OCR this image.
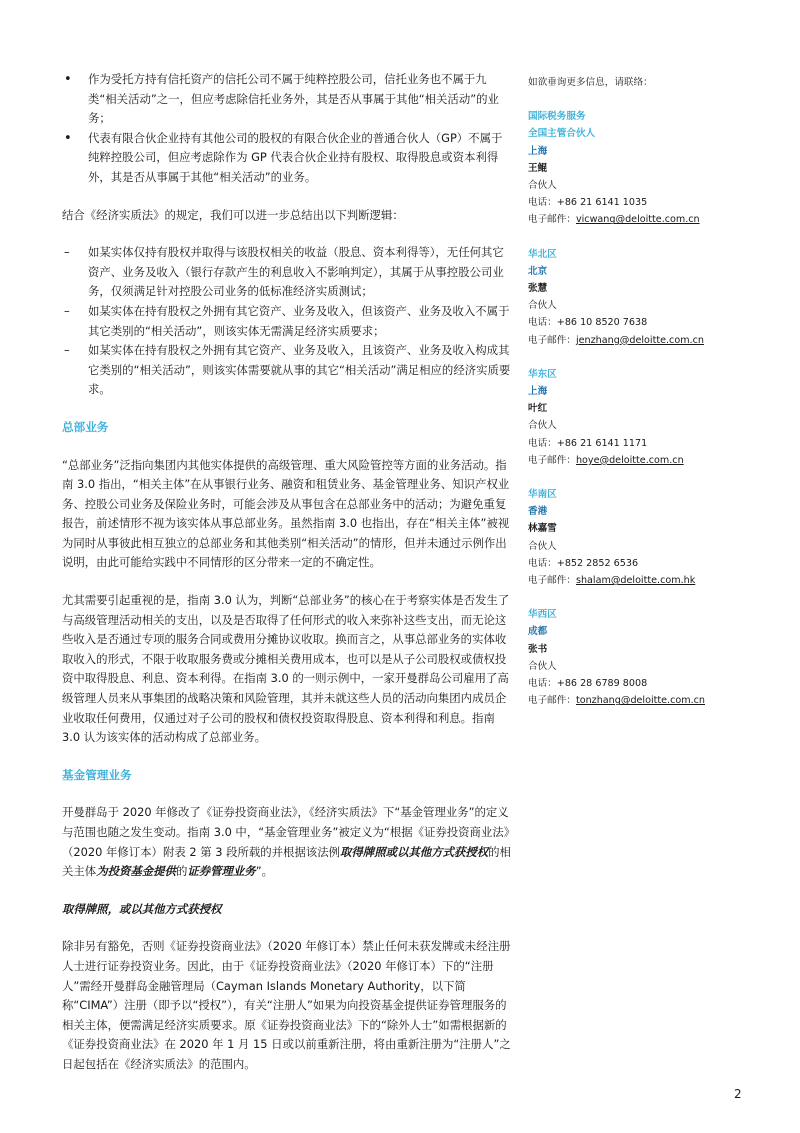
• 作为受托方持有信托资产的信托公司不属于纯粹控股公司，信托业务也不属于九类“相关活动”之一，但应考虑除信托业务外，其是否从事属于其他“相关活动”的业务；
• 代表有限合伙企业持有其他公司的股权的有限合伙企业的普通合伙人（GP）不属于纯粹控股公司，但应考虑除作为 GP 代表合伙企业持有股权、取得股息或资本利得外，其是否从事属于其他“相关活动”的业务。

结合《经济实质法》的规定，我们可以进一步总结出以下判断逻辑：

– 如某实体仅持有股权并取得与该股权相关的收益（股息、资本利得等），无任何其它资产、业务及收入（银行存款产生的利息收入不影响判定），其属于从事控股公司业务，仅须满足针对控股公司业务的低标准经济实质测试；
– 如某实体在持有股权之外拥有其它资产、业务及收入，但该资产、业务及收入不属于其它类别的“相关活动”，则该实体无需满足经济实质要求；
– 如某实体在持有股权之外拥有其它资产、业务及收入，且该资产、业务及收入构成其它类别的“相关活动”，则该实体需要就从事的其它“相关活动”满足相应的经济实质要求。

总部业务

“总部业务”泛指向集团内其他实体提供的高级管理、重大风险管控等方面的业务活动。指南 3.0 指出，“相关主体”在从事银行业务、融资和租赁业务、基金管理业务、知识产权业务、控股公司业务及保险业务时，可能会涉及从事包含在总部业务中的活动；为避免重复报告，前述情形不视为该实体从事总部业务。虽然指南 3.0 也指出，存在“相关主体”被视为同时从事彼此相互独立的总部业务和其他类别“相关活动”的情形，但并未通过示例作出说明，由此可能给实践中不同情形的区分带来一定的不确定性。

尤其需要引起重视的是，指南 3.0 认为，判断“总部业务”的核心在于考察实体是否发生了与高级管理活动相关的支出，以及是否取得了任何形式的收入来弥补这些支出，而无论这些收入是否通过专项的服务合同或费用分摊协议收取。换而言之，从事总部业务的实体收取收入的形式，不限于收取服务费或分摊相关费用成本，也可以是从子公司股权或债权投资中取得股息、利息、资本利得。在指南 3.0 的一则示例中，一家开曼群岛公司雇用了高级管理人员来从事集团的战略决策和风险管理，其并未就这些人员的活动向集团内成员企业收取任何费用，仅通过对子公司的股权和债权投资取得股息、资本利得和利息。指南 3.0 认为该实体的活动构成了总部业务。

基金管理业务

开曼群岛于 2020 年修改了《证券投资商业法》，《经济实质法》下“基金管理业务”的定义与范围也随之发生变动。指南 3.0 中，“基金管理业务”被定义为“根据《证券投资商业法》（2020 年修订本）附表 2 第 3 段所载的并根据该法例取得牌照或以其他方式获授权的相关主体为投资基金提供的证券管理业务”。

取得牌照，或以其他方式获授权

除非另有豁免，否则《证券投资商业法》（2020 年修订本）禁止任何未获发牌或未经注册人士进行证券投资业务。因此，由于《证券投资商业法》（2020 年修订本）下的“注册人”需经开曼群岛金融管理局（Cayman Islands Monetary Authority，以下简称“CIMA”）注册（即予以“授权”），有关“注册人”如果为向投资基金提供证券管理服务的相关主体，便需满足经济实质要求。原《证券投资商业法》下的“除外人士”如需根据新的《证券投资商业法》在 2020 年 1 月 15 日或以前重新注册，将由重新注册为“注册人”之日起包括在《经济实质法》的范围内。

如欲垂询更多信息，请联络：
国际税务服务
全国主管合伙人
上海
王鲲
合伙人
电话：+86 21 6141 1035
电子邮件：vicwang@deloitte.com.cn
华北区
北京
张慧
合伙人
电话：+86 10 8520 7638
电子邮件：jenzhang@deloitte.com.cn
华东区
上海
叶红
合伙人
电话：+86 21 6141 1171
电子邮件：hoye@deloitte.com.cn
华南区
香港
林嘉雪
合伙人
电话：+852 2852 6536
电子邮件：shalam@deloitte.com.hk
华西区
成都
张书
合伙人
电话：+86 28 6789 8008
电子邮件：tonzhang@deloitte.com.cn
2
